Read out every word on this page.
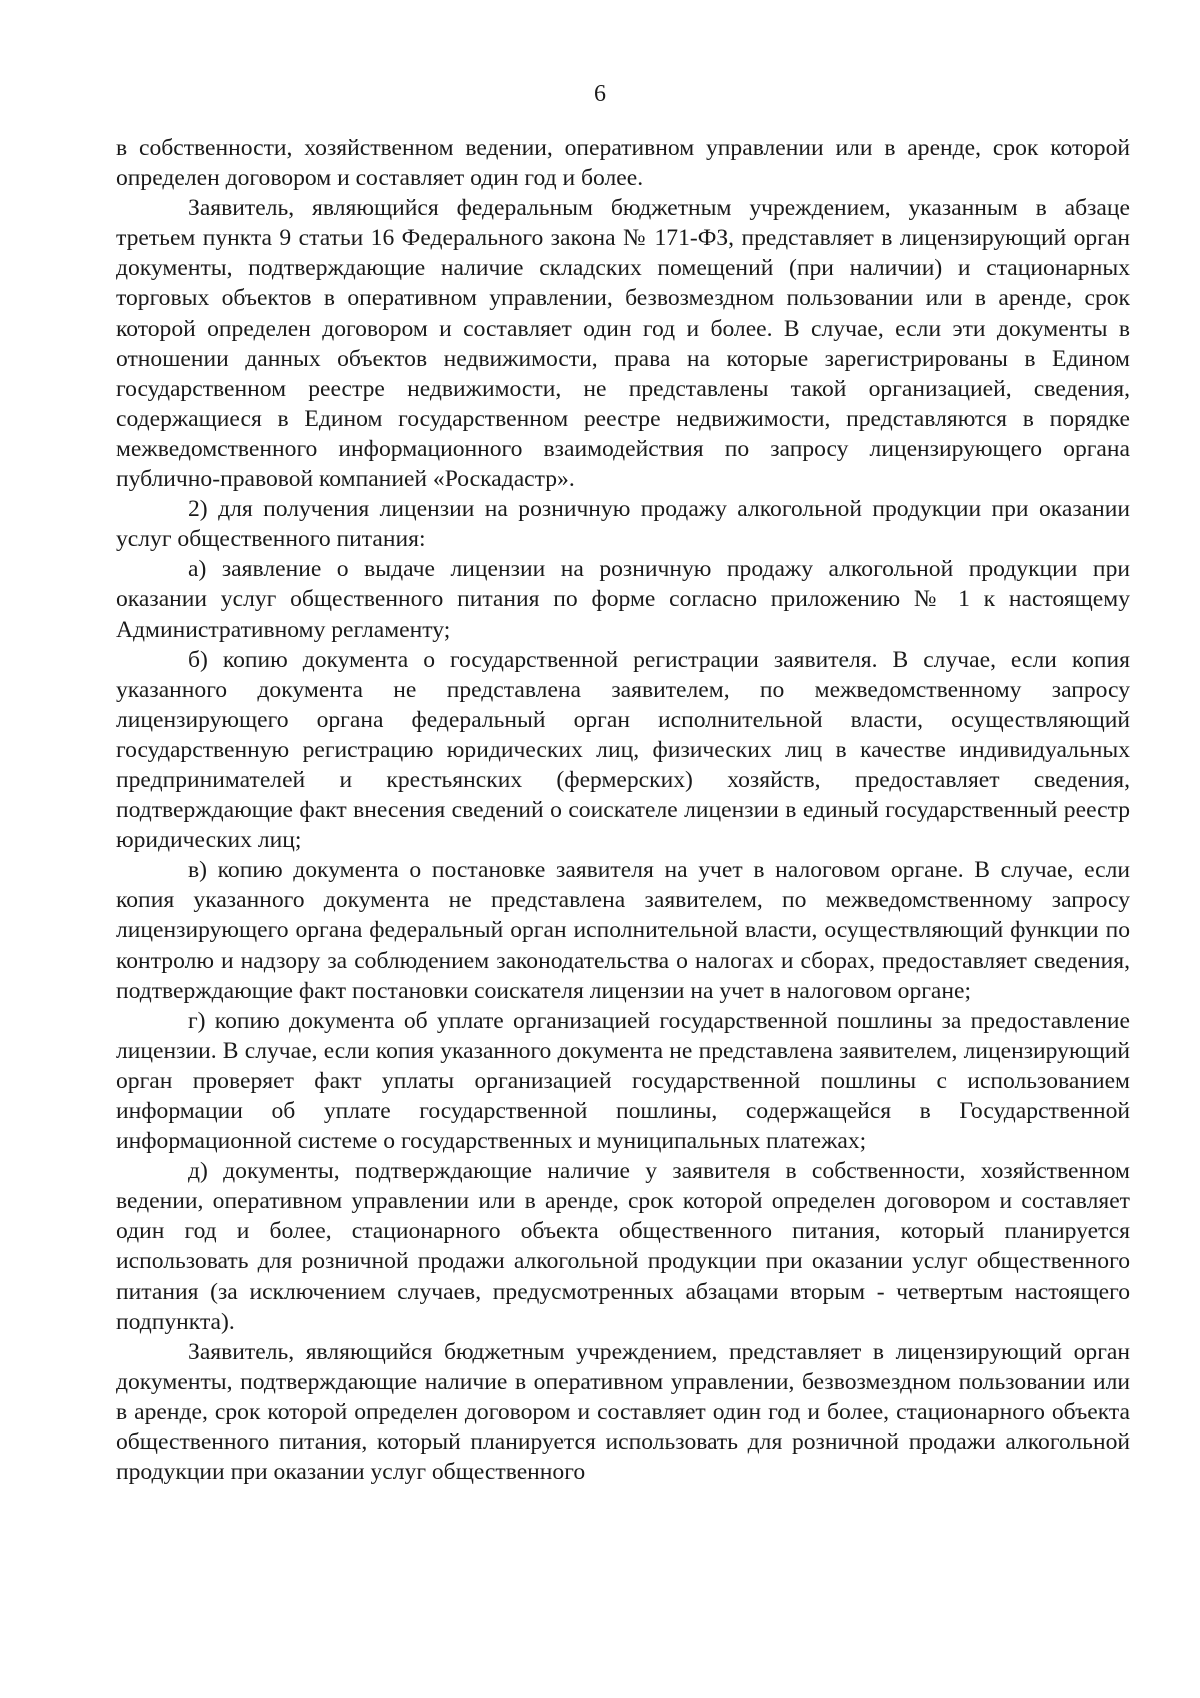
6

в собственности, хозяйственном ведении, оперативном управлении или в аренде, срок которой определен договором и составляет один год и более.

Заявитель, являющийся федеральным бюджетным учреждением, указанным в абзаце третьем пункта 9 статьи 16 Федерального закона № 171-ФЗ, представляет в лицензирующий орган документы, подтверждающие наличие складских помещений (при наличии) и стационарных торговых объектов в оперативном управлении, безвозмездном пользовании или в аренде, срок которой определен договором и составляет один год и более. В случае, если эти документы в отношении данных объектов недвижимости, права на которые зарегистрированы в Едином государственном реестре недвижимости, не представлены такой организацией, сведения, содержащиеся в Едином государственном реестре недвижимости, представляются в порядке межведомственного информационного взаимодействия по запросу лицензирующего органа публично-правовой компанией «Роскадастр».

2) для получения лицензии на розничную продажу алкогольной продукции при оказании услуг общественного питания:

а) заявление о выдаче лицензии на розничную продажу алкогольной продукции при оказании услуг общественного питания по форме согласно приложению № 1 к настоящему Административному регламенту;

б) копию документа о государственной регистрации заявителя. В случае, если копия указанного документа не представлена заявителем, по межведомственному запросу лицензирующего органа федеральный орган исполнительной власти, осуществляющий государственную регистрацию юридических лиц, физических лиц в качестве индивидуальных предпринимателей и крестьянских (фермерских) хозяйств, предоставляет сведения, подтверждающие факт внесения сведений о соискателе лицензии в единый государственный реестр юридических лиц;

в) копию документа о постановке заявителя на учет в налоговом органе. В случае, если копия указанного документа не представлена заявителем, по межведомственному запросу лицензирующего органа федеральный орган исполнительной власти, осуществляющий функции по контролю и надзору за соблюдением законодательства о налогах и сборах, предоставляет сведения, подтверждающие факт постановки соискателя лицензии на учет в налоговом органе;

г) копию документа об уплате организацией государственной пошлины за предоставление лицензии. В случае, если копия указанного документа не представлена заявителем, лицензирующий орган проверяет факт уплаты организацией государственной пошлины с использованием информации об уплате государственной пошлины, содержащейся в Государственной информационной системе о государственных и муниципальных платежах;

д) документы, подтверждающие наличие у заявителя в собственности, хозяйственном ведении, оперативном управлении или в аренде, срок которой определен договором и составляет один год и более, стационарного объекта общественного питания, который планируется использовать для розничной продажи алкогольной продукции при оказании услуг общественного питания (за исключением случаев, предусмотренных абзацами вторым - четвертым настоящего подпункта).

Заявитель, являющийся бюджетным учреждением, представляет в лицензирующий орган документы, подтверждающие наличие в оперативном управлении, безвозмездном пользовании или в аренде, срок которой определен договором и составляет один год и более, стационарного объекта общественного питания, который планируется использовать для розничной продажи алкогольной продукции при оказании услуг общественного
